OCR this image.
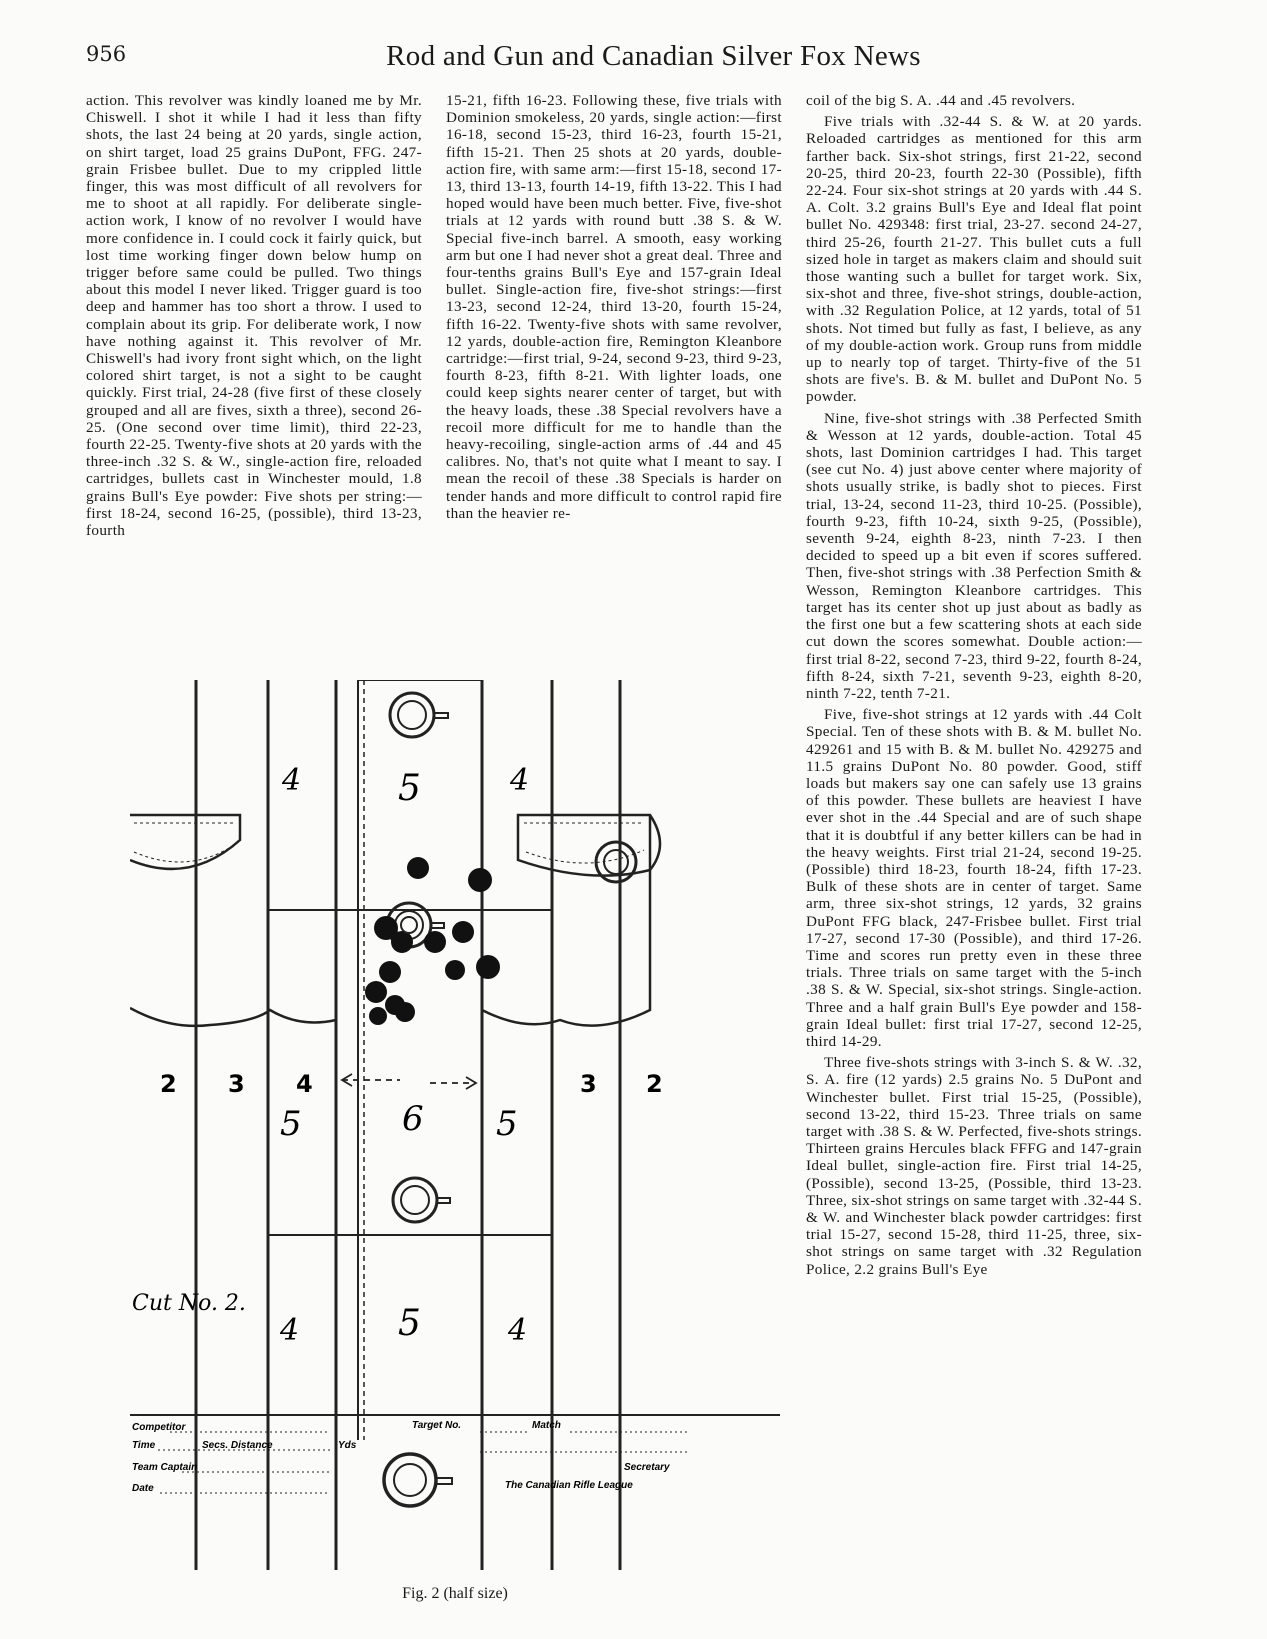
956	Rod and Gun and Canadian Silver Fox News

action. This revolver was kindly loaned me by Mr. Chiswell. I shot it while I had it less than fifty shots, the last 24 being at 20 yards, single action, on shirt target, load 25 grains DuPont, FFG. 247-grain Frisbee bullet. Due to my crippled little finger, this was most difficult of all revolvers for me to shoot at all rapidly. For deliberate single-action work, I know of no revolver I would have more confidence in. I could cock it fairly quick, but lost time working finger down below hump on trigger before same could be pulled. Two things about this model I never liked. Trigger guard is too deep and hammer has too short a throw. I used to complain about its grip. For deliberate work, I now have nothing against it. This revolver of Mr. Chiswell's had ivory front sight which, on the light colored shirt target, is not a sight to be caught quickly. First trial, 24-28 (five first of these closely grouped and all are fives, sixth a three), second 26-25. (One second over time limit), third 22-23, fourth 22-25. Twenty-five shots at 20 yards with the three-inch .32 S. & W., single-action fire, reloaded cartridges, bullets cast in Winchester mould, 1.8 grains Bull's Eye powder: Five shots per string:—first 18-24, second 16-25, (possible), third 13-23, fourth

15-21, fifth 16-23. Following these, five trials with Dominion smokeless, 20 yards, single action:—first 16-18, second 15-23, third 16-23, fourth 15-21, fifth 15-21. Then 25 shots at 20 yards, double-action fire, with same arm:—first 15-18, second 17-13, third 13-13, fourth 14-19, fifth 13-22. This I had hoped would have been much better. Five, five-shot trials at 12 yards with round butt .38 S. & W. Special five-inch barrel. A smooth, easy working arm but one I had never shot a great deal. Three and four-tenths grains Bull's Eye and 157-grain Ideal bullet. Single-action fire, five-shot strings:—first 13-23, second 12-24, third 13-20, fourth 15-24, fifth 16-22. Twenty-five shots with same revolver, 12 yards, double-action fire, Remington Kleanbore cartridge:—first trial, 9-24, second 9-23, third 9-23, fourth 8-23, fifth 8-21. With lighter loads, one could keep sights nearer center of target, but with the heavy loads, these .38 Special revolvers have a recoil more difficult for me to handle than the heavy-recoiling, single-action arms of .44 and 45 calibres. No, that's not quite what I meant to say. I mean the recoil of these .38 Specials is harder on tender hands and more difficult to control rapid fire than the heavier re-

coil of the big S. A. .44 and .45 revolvers.

Five trials with .32-44 S. & W. at 20 yards. Reloaded cartridges as mentioned for this arm farther back. Six-shot strings, first 21-22, second 20-25, third 20-23, fourth 22-30 (Possible), fifth 22-24. Four six-shot strings at 20 yards with .44 S. A. Colt. 3.2 grains Bull's Eye and Ideal flat point bullet No. 429348: first trial, 23-27. second 24-27, third 25-26, fourth 21-27. This bullet cuts a full sized hole in target as makers claim and should suit those wanting such a bullet for target work. Six, six-shot and three, five-shot strings, double-action, with .32 Regulation Police, at 12 yards, total of 51 shots. Not timed but fully as fast, I believe, as any of my double-action work. Group runs from middle up to nearly top of target. Thirty-five of the 51 shots are five's. B. & M. bullet and DuPont No. 5 powder.

Nine, five-shot strings with .38 Perfected Smith & Wesson at 12 yards, double-action. Total 45 shots, last Dominion cartridges I had. This target (see cut No. 4) just above center where majority of shots usually strike, is badly shot to pieces. First trial, 13-24, second 11-23, third 10-25. (Possible), fourth 9-23, fifth 10-24, sixth 9-25, (Possible), seventh 9-24, eighth 8-23, ninth 7-23. I then decided to speed up a bit even if scores suffered. Then, five-shot strings with .38 Perfection Smith & Wesson, Remington Kleanbore cartridges. This target has its center shot up just about as badly as the first one but a few scattering shots at each side cut down the scores somewhat. Double action:—first trial 8-22, second 7-23, third 9-22, fourth 8-24, fifth 8-24, sixth 7-21, seventh 9-23, eighth 8-20, ninth 7-22, tenth 7-21.

Five, five-shot strings at 12 yards with .44 Colt Special. Ten of these shots with B. & M. bullet No. 429261 and 15 with B. & M. bullet No. 429275 and 11.5 grains DuPont No. 80 powder. Good, stiff loads but makers say one can safely use 13 grains of this powder. These bullets are heaviest I have ever shot in the .44 Special and are of such shape that it is doubtful if any better killers can be had in the heavy weights. First trial 21-24, second 19-25. (Possible) third 18-23, fourth 18-24, fifth 17-23. Bulk of these shots are in center of target. Same arm, three six-shot strings, 12 yards, 32 grains DuPont FFG black, 247-Frisbee bullet. First trial 17-27, second 17-30 (Possible), and third 17-26. Time and scores run pretty even in these three trials. Three trials on same target with the 5-inch .38 S. & W. Special, six-shot strings. Single-action. Three and a half grain Bull's Eye powder and 158-grain Ideal bullet: first trial 17-27, second 12-25, third 14-29.

Three five-shots strings with 3-inch S. & W. .32, S. A. fire (12 yards) 2.5 grains No. 5 DuPont and Winchester bullet. First trial 15-25, (Possible), second 13-22, third 15-23. Three trials on same target with .38 S. & W. Perfected, five-shots strings. Thirteen grains Hercules black FFFG and 147-grain Ideal bullet, single-action fire. First trial 14-25, (Possible), second 13-25, (Possible, third 13-23. Three, six-shot strings on same target with .32-44 S. & W. and Winchester black powder cartridges: first trial 15-27, second 15-28, third 11-25, three, six-shot strings on same target with .32 Regulation Police, 2.2 grains Bull's Eye

4	5	4
2 3 4	3 2
5	6 5
4	5	4
Cut No. 2.
Competitor
Time	Secs. Distance	Yds
Team Captain
Date
Target No.	Match
Secretary
The Canadian Rifle League
Fig. 2 (half size)
